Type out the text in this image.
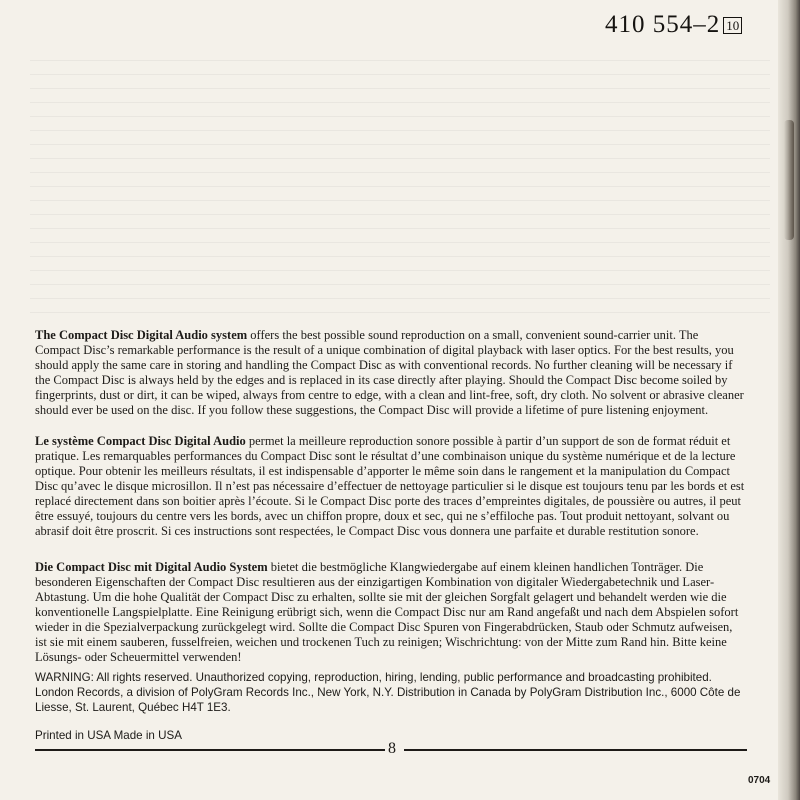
410 554–2 10

The Compact Disc Digital Audio system offers the best possible sound reproduction on a small, convenient sound-carrier unit. The Compact Disc’s remarkable performance is the result of a unique combination of digital playback with laser optics. For the best results, you should apply the same care in storing and handling the Compact Disc as with conventional records. No further cleaning will be necessary if the Compact Disc is always held by the edges and is replaced in its case directly after playing. Should the Compact Disc become soiled by fingerprints, dust or dirt, it can be wiped, always from centre to edge, with a clean and lint-free, soft, dry cloth. No solvent or abrasive cleaner should ever be used on the disc. If you follow these suggestions, the Compact Disc will provide a lifetime of pure listening enjoyment.

Le système Compact Disc Digital Audio permet la meilleure reproduction sonore possible à partir d’un support de son de format réduit et pratique. Les remarquables performances du Compact Disc sont le résultat d’une combinaison unique du système numérique et de la lecture optique. Pour obtenir les meilleurs résultats, il est indispensable d’apporter le même soin dans le rangement et la manipulation du Compact Disc qu’avec le disque microsillon. Il n’est pas nécessaire d’effectuer de nettoyage particulier si le disque est toujours tenu par les bords et est replacé directement dans son boitier après l’écoute. Si le Compact Disc porte des traces d’empreintes digitales, de poussière ou autres, il peut être essuyé, toujours du centre vers les bords, avec un chiffon propre, doux et sec, qui ne s’effiloche pas. Tout produit nettoyant, solvant ou abrasif doit être proscrit. Si ces instructions sont respectées, le Compact Disc vous donnera une parfaite et durable restitution sonore.

Die Compact Disc mit Digital Audio System bietet die bestmögliche Klangwiedergabe auf einem kleinen handlichen Tonträger. Die besonderen Eigenschaften der Compact Disc resultieren aus der einzigartigen Kombination von digitaler Wiedergabetechnik und Laser-Abtastung. Um die hohe Qualität der Compact Disc zu erhalten, sollte sie mit der gleichen Sorgfalt gelagert und behandelt werden wie die konventionelle Langspielplatte. Eine Reinigung erübrigt sich, wenn die Compact Disc nur am Rand angefaßt und nach dem Abspielen sofort wieder in die Spezialverpackung zurückgelegt wird. Sollte die Compact Disc Spuren von Fingerabdrücken, Staub oder Schmutz aufweisen, ist sie mit einem sauberen, fusselfreien, weichen und trockenen Tuch zu reinigen; Wischrichtung: von der Mitte zum Rand hin. Bitte keine Lösungs- oder Scheuermittel verwenden!

WARNING: All rights reserved. Unauthorized copying, reproduction, hiring, lending, public performance and broadcasting prohibited. London Records, a division of PolyGram Records Inc., New York, N.Y. Distribution in Canada by PolyGram Distribution Inc., 6000 Côte de Liesse, St. Laurent, Québec H4T 1E3.
Printed in USA Made in USA
8
0704
